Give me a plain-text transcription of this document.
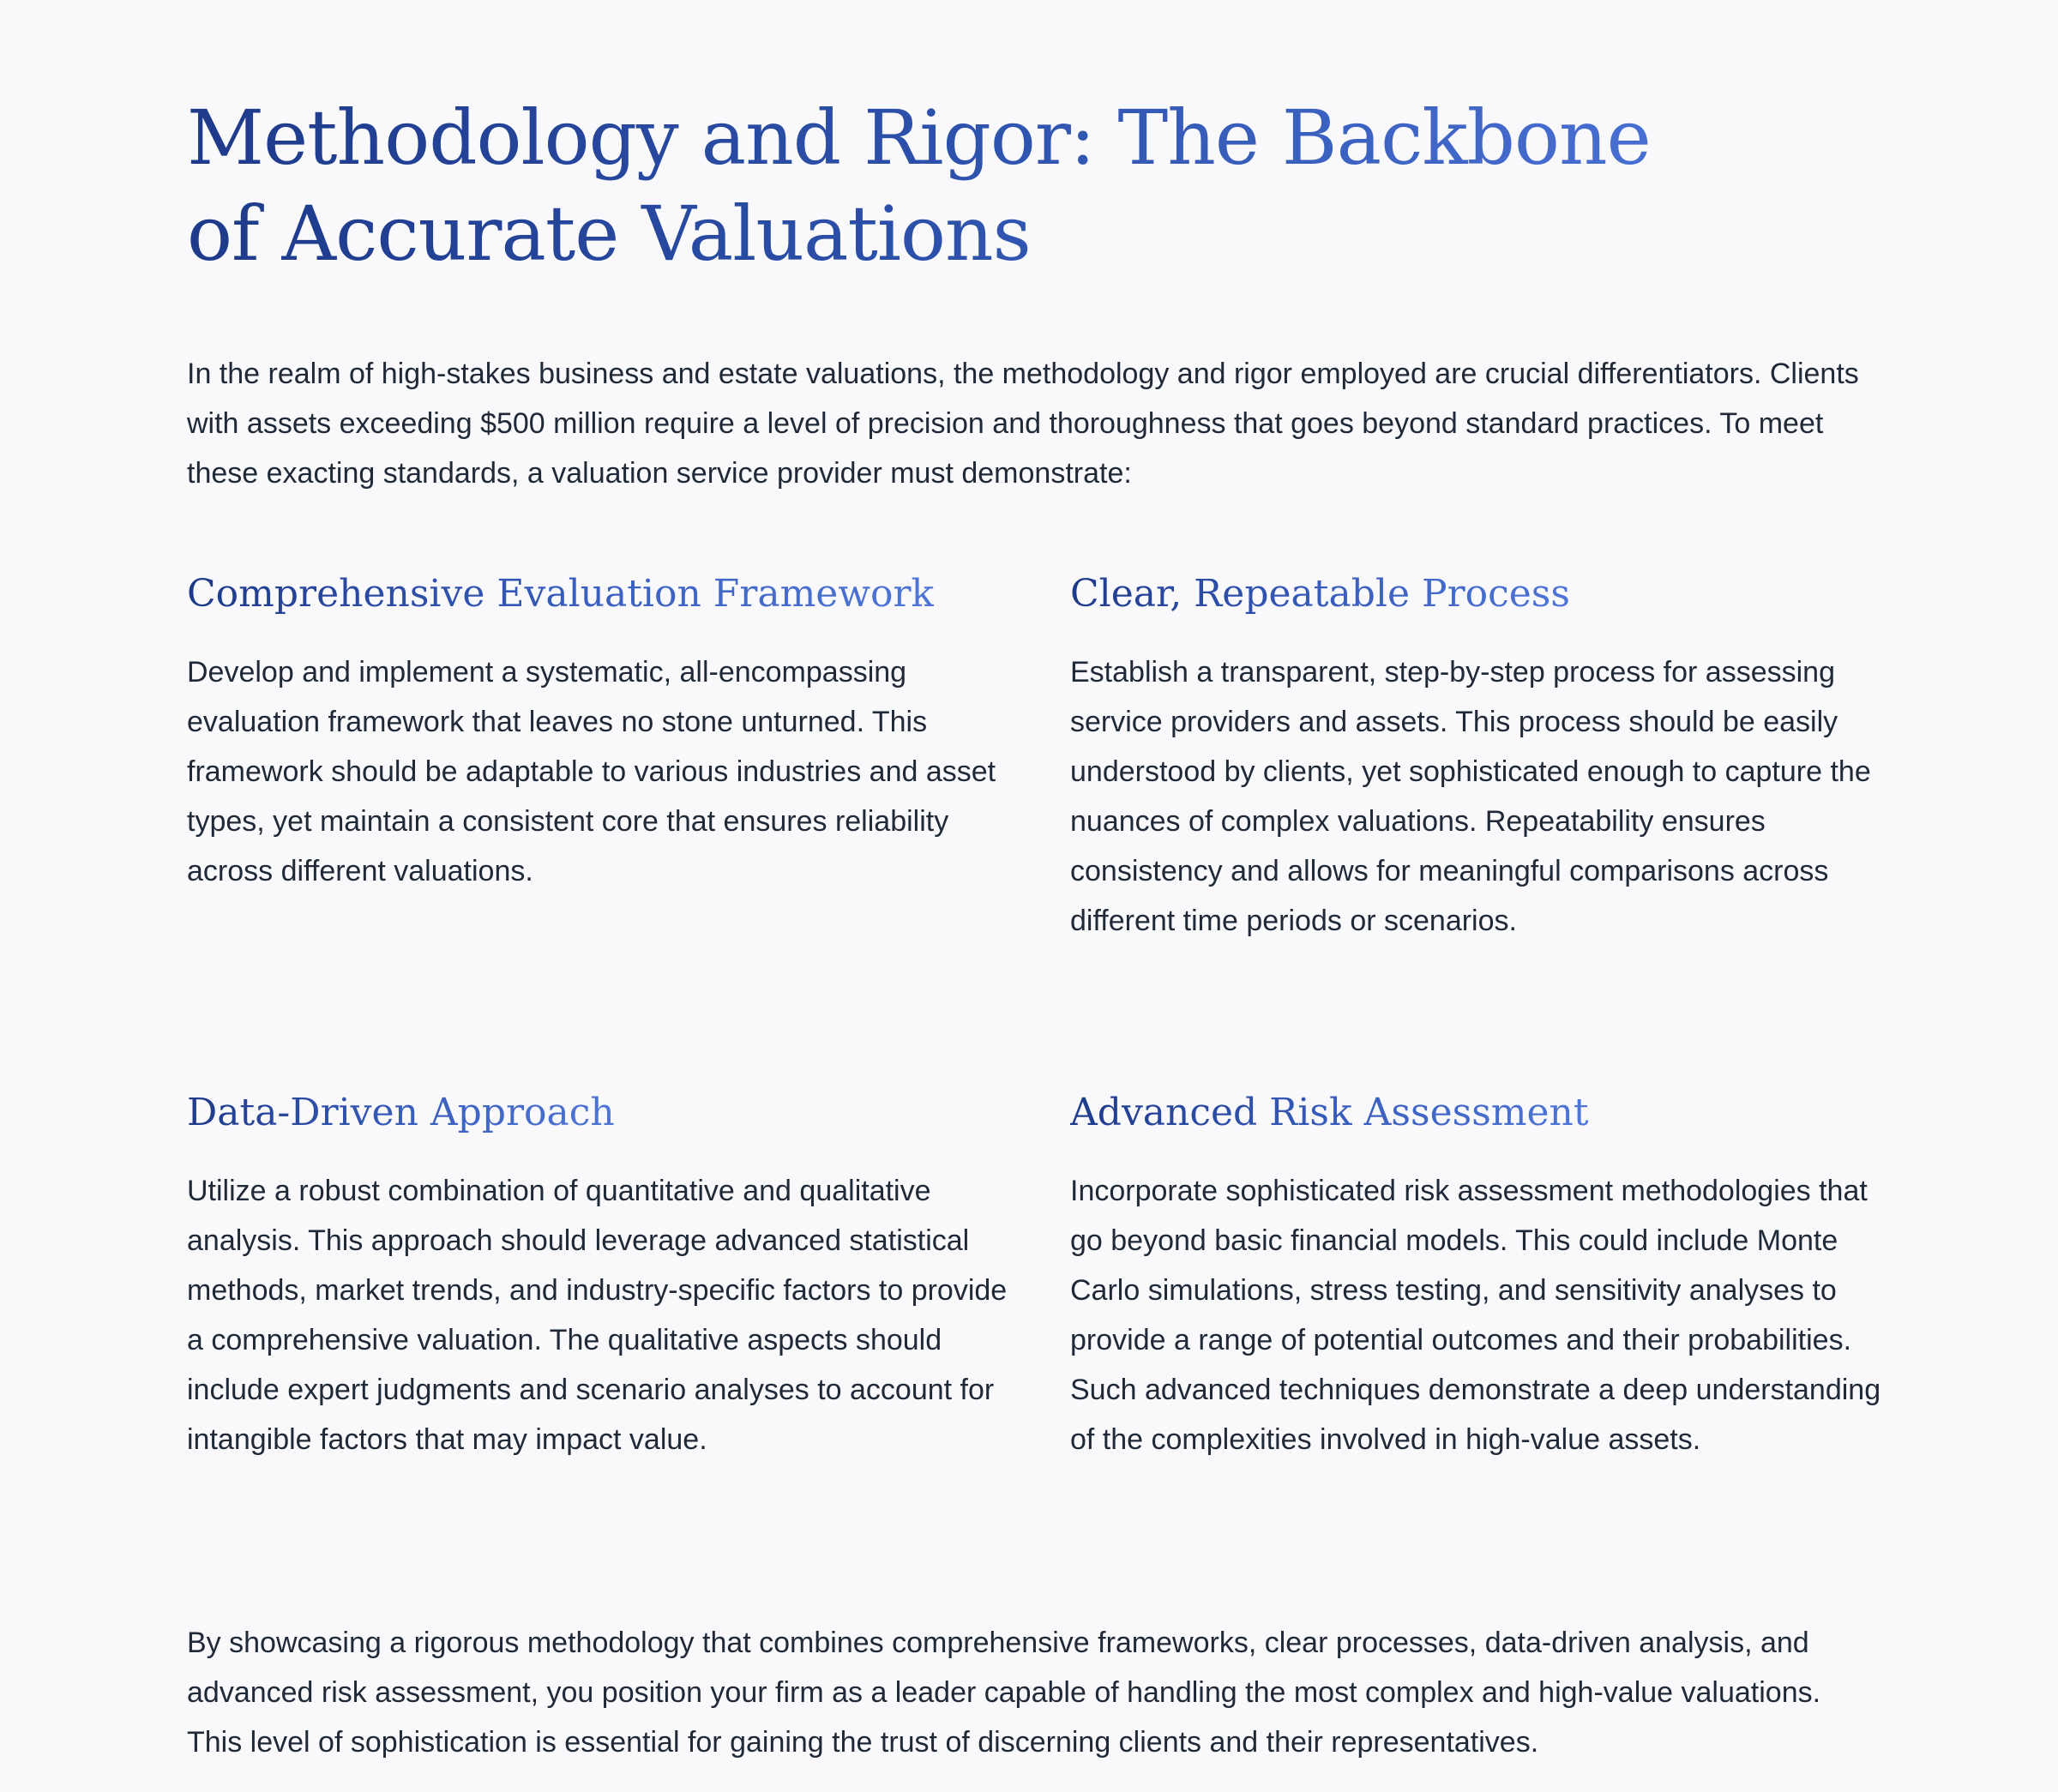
Methodology and Rigor: The Backbone of Accurate Valuations

In the realm of high-stakes business and estate valuations, the methodology and rigor employed are crucial differentiators. Clients with assets exceeding $500 million require a level of precision and thoroughness that goes beyond standard practices. To meet these exacting standards, a valuation service provider must demonstrate:

Comprehensive Evaluation Framework

Develop and implement a systematic, all-encompassing evaluation framework that leaves no stone unturned. This framework should be adaptable to various industries and asset types, yet maintain a consistent core that ensures reliability across different valuations.

Clear, Repeatable Process

Establish a transparent, step-by-step process for assessing service providers and assets. This process should be easily understood by clients, yet sophisticated enough to capture the nuances of complex valuations. Repeatability ensures consistency and allows for meaningful comparisons across different time periods or scenarios.

Data-Driven Approach

Utilize a robust combination of quantitative and qualitative analysis. This approach should leverage advanced statistical methods, market trends, and industry-specific factors to provide a comprehensive valuation. The qualitative aspects should include expert judgments and scenario analyses to account for intangible factors that may impact value.

Advanced Risk Assessment

Incorporate sophisticated risk assessment methodologies that go beyond basic financial models. This could include Monte Carlo simulations, stress testing, and sensitivity analyses to provide a range of potential outcomes and their probabilities. Such advanced techniques demonstrate a deep understanding of the complexities involved in high-value assets.

By showcasing a rigorous methodology that combines comprehensive frameworks, clear processes, data-driven analysis, and advanced risk assessment, you position your firm as a leader capable of handling the most complex and high-value valuations. This level of sophistication is essential for gaining the trust of discerning clients and their representatives.
